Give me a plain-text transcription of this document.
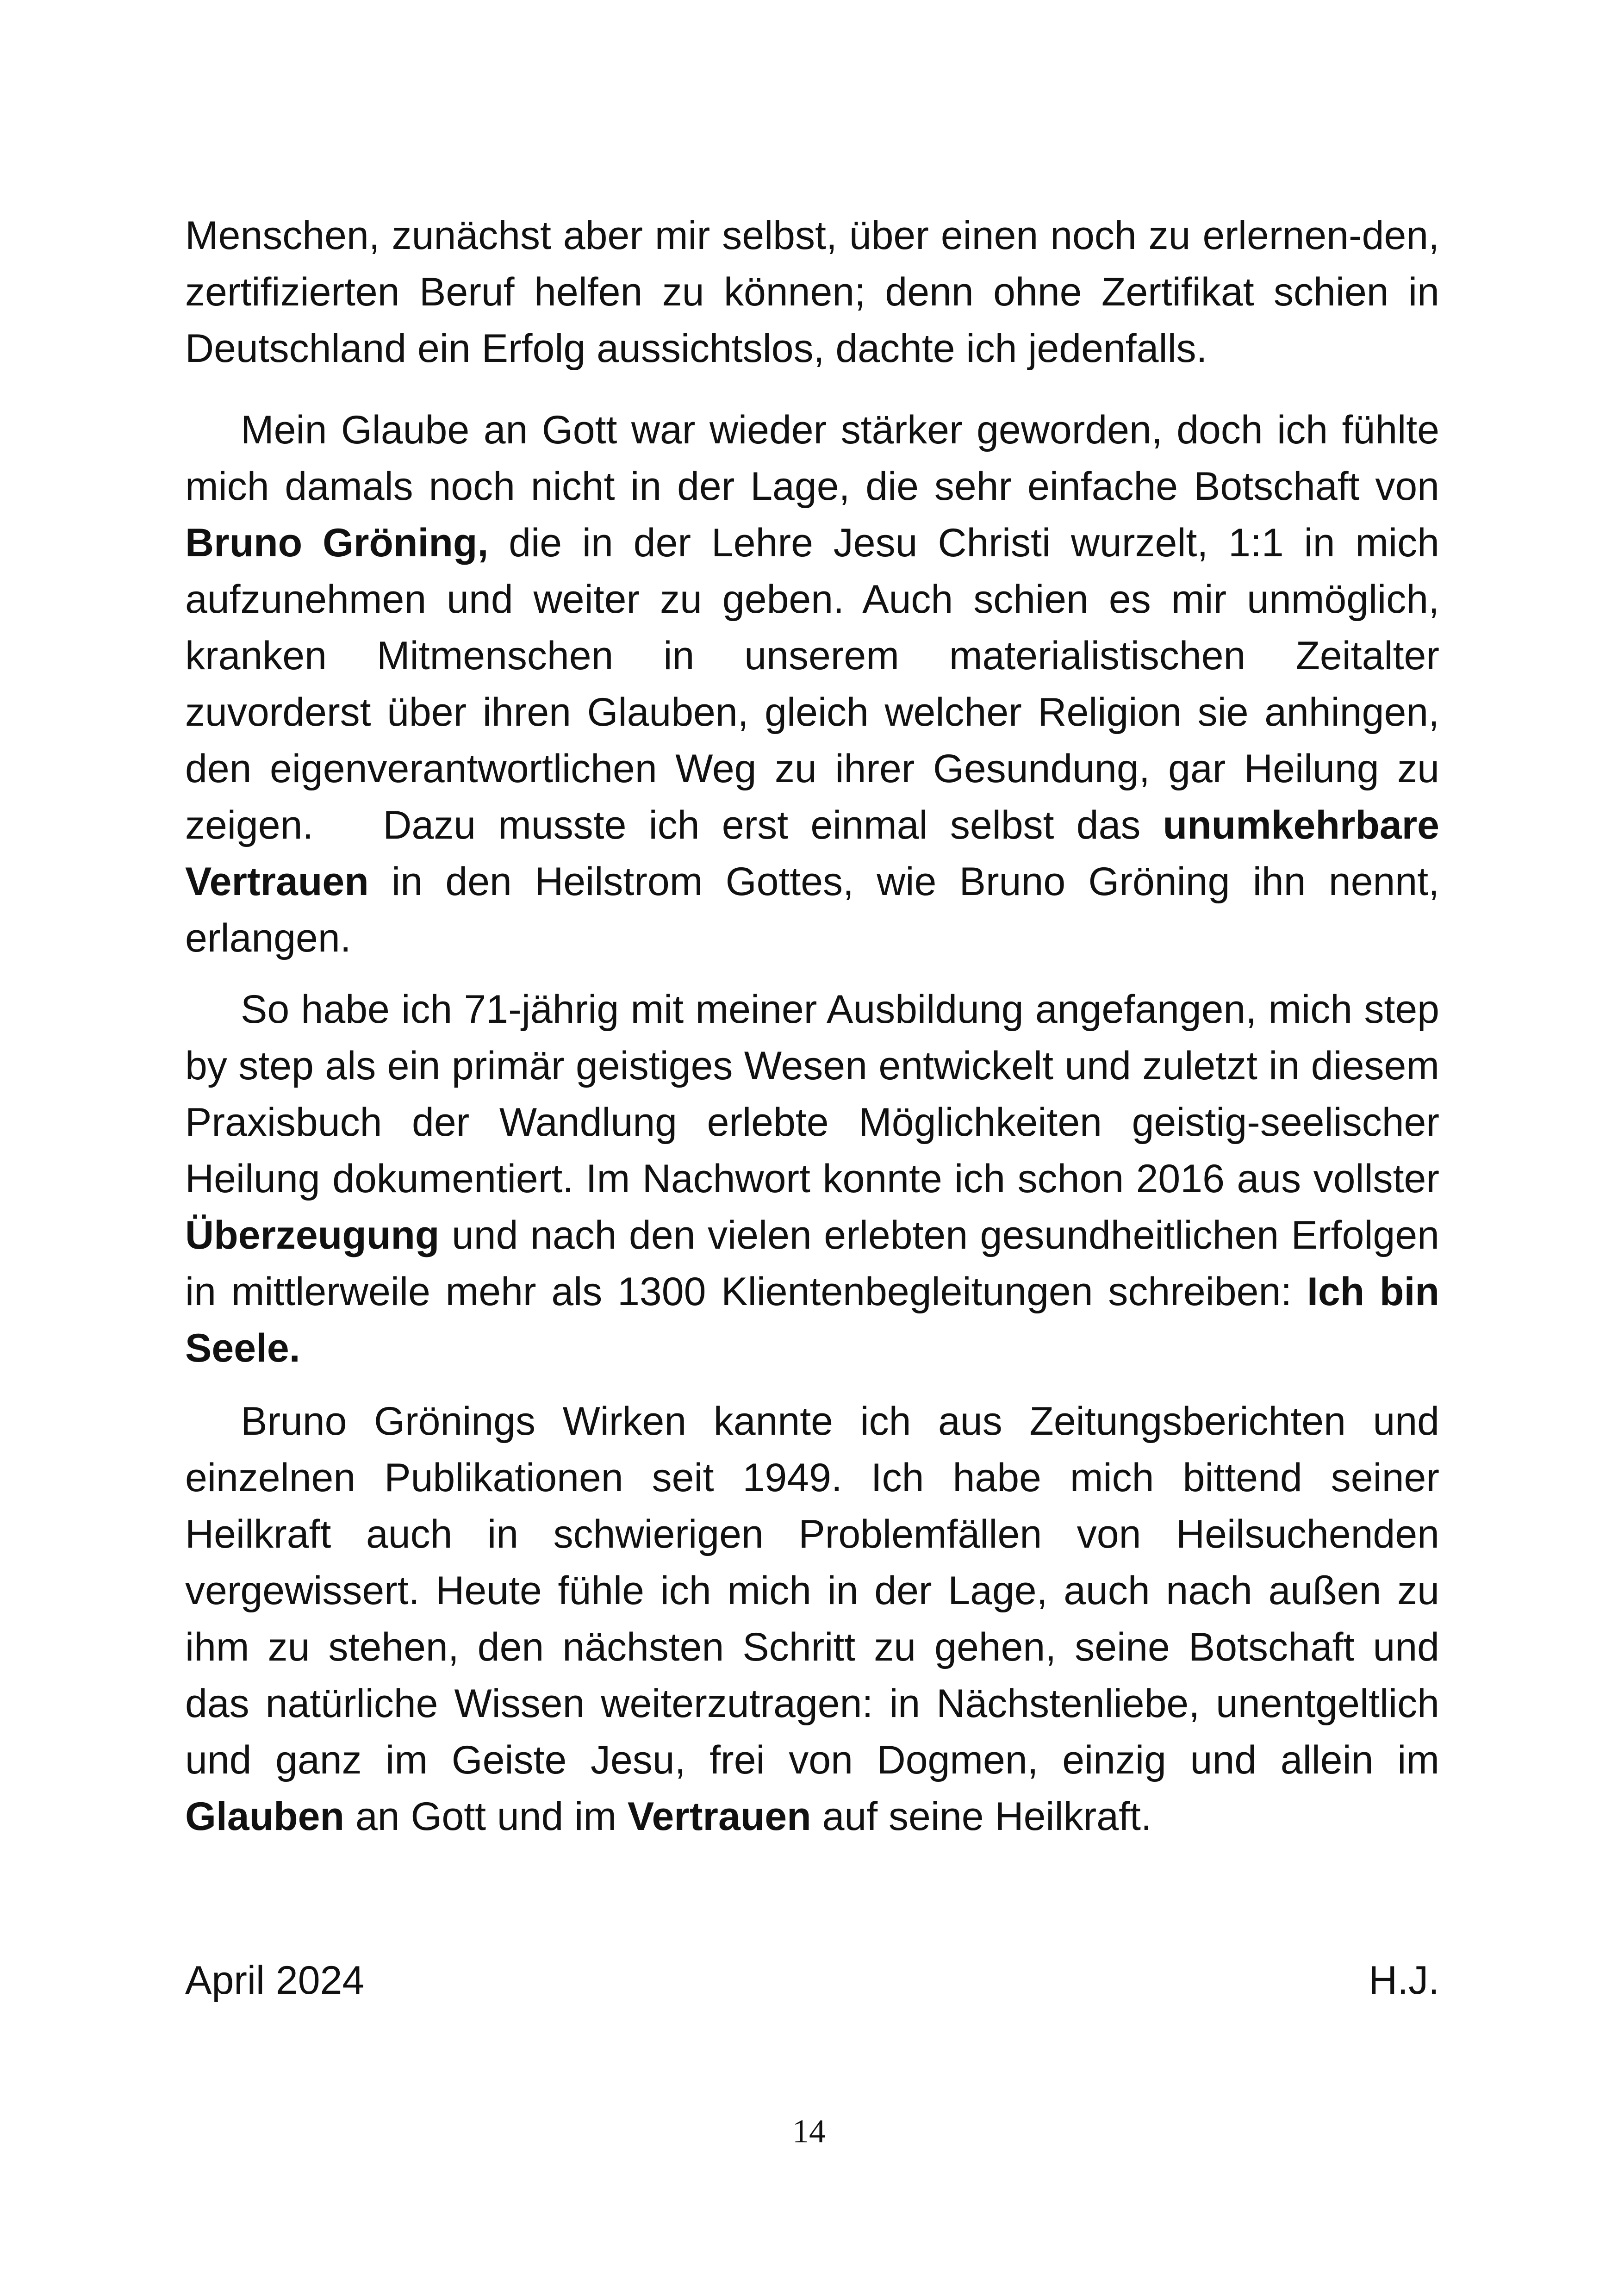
Menschen, zunächst aber mir selbst, über einen noch zu erlernen-den, zertifizierten Beruf helfen zu können; denn ohne Zertifikat schien in Deutschland ein Erfolg aussichtslos, dachte ich jedenfalls.

Mein Glaube an Gott war wieder stärker geworden, doch ich fühlte mich damals noch nicht in der Lage, die sehr einfache Botschaft von Bruno Gröning, die in der Lehre Jesu Christi wurzelt, 1:1 in mich aufzunehmen und weiter zu geben. Auch schien es mir unmöglich, kranken Mitmenschen in unserem materialistischen Zeitalter zuvorderst über ihren Glauben, gleich welcher Religion sie anhingen, den eigenverantwortlichen Weg zu ihrer Gesundung, gar Heilung zu zeigen. Dazu musste ich erst einmal selbst das unumkehrbare Vertrauen in den Heilstrom Gottes, wie Bruno Gröning ihn nennt, erlangen.

So habe ich 71-jährig mit meiner Ausbildung angefangen, mich step by step als ein primär geistiges Wesen entwickelt und zuletzt in diesem Praxisbuch der Wandlung erlebte Möglichkeiten geistig-seelischer Heilung dokumentiert. Im Nachwort konnte ich schon 2016 aus vollster Überzeugung und nach den vielen erlebten gesundheitlichen Erfolgen in mittlerweile mehr als 1300 Klientenbegleitungen schreiben: Ich bin Seele.

Bruno Grönings Wirken kannte ich aus Zeitungsberichten und einzelnen Publikationen seit 1949. Ich habe mich bittend seiner Heilkraft auch in schwierigen Problemfällen von Heilsuchenden vergewissert. Heute fühle ich mich in der Lage, auch nach außen zu ihm zu stehen, den nächsten Schritt zu gehen, seine Botschaft und das natürliche Wissen weiterzutragen: in Nächstenliebe, unentgeltlich und ganz im Geiste Jesu, frei von Dogmen, einzig und allein im Glauben an Gott und im Vertrauen auf seine Heilkraft.

April 2024	H.J.
14
